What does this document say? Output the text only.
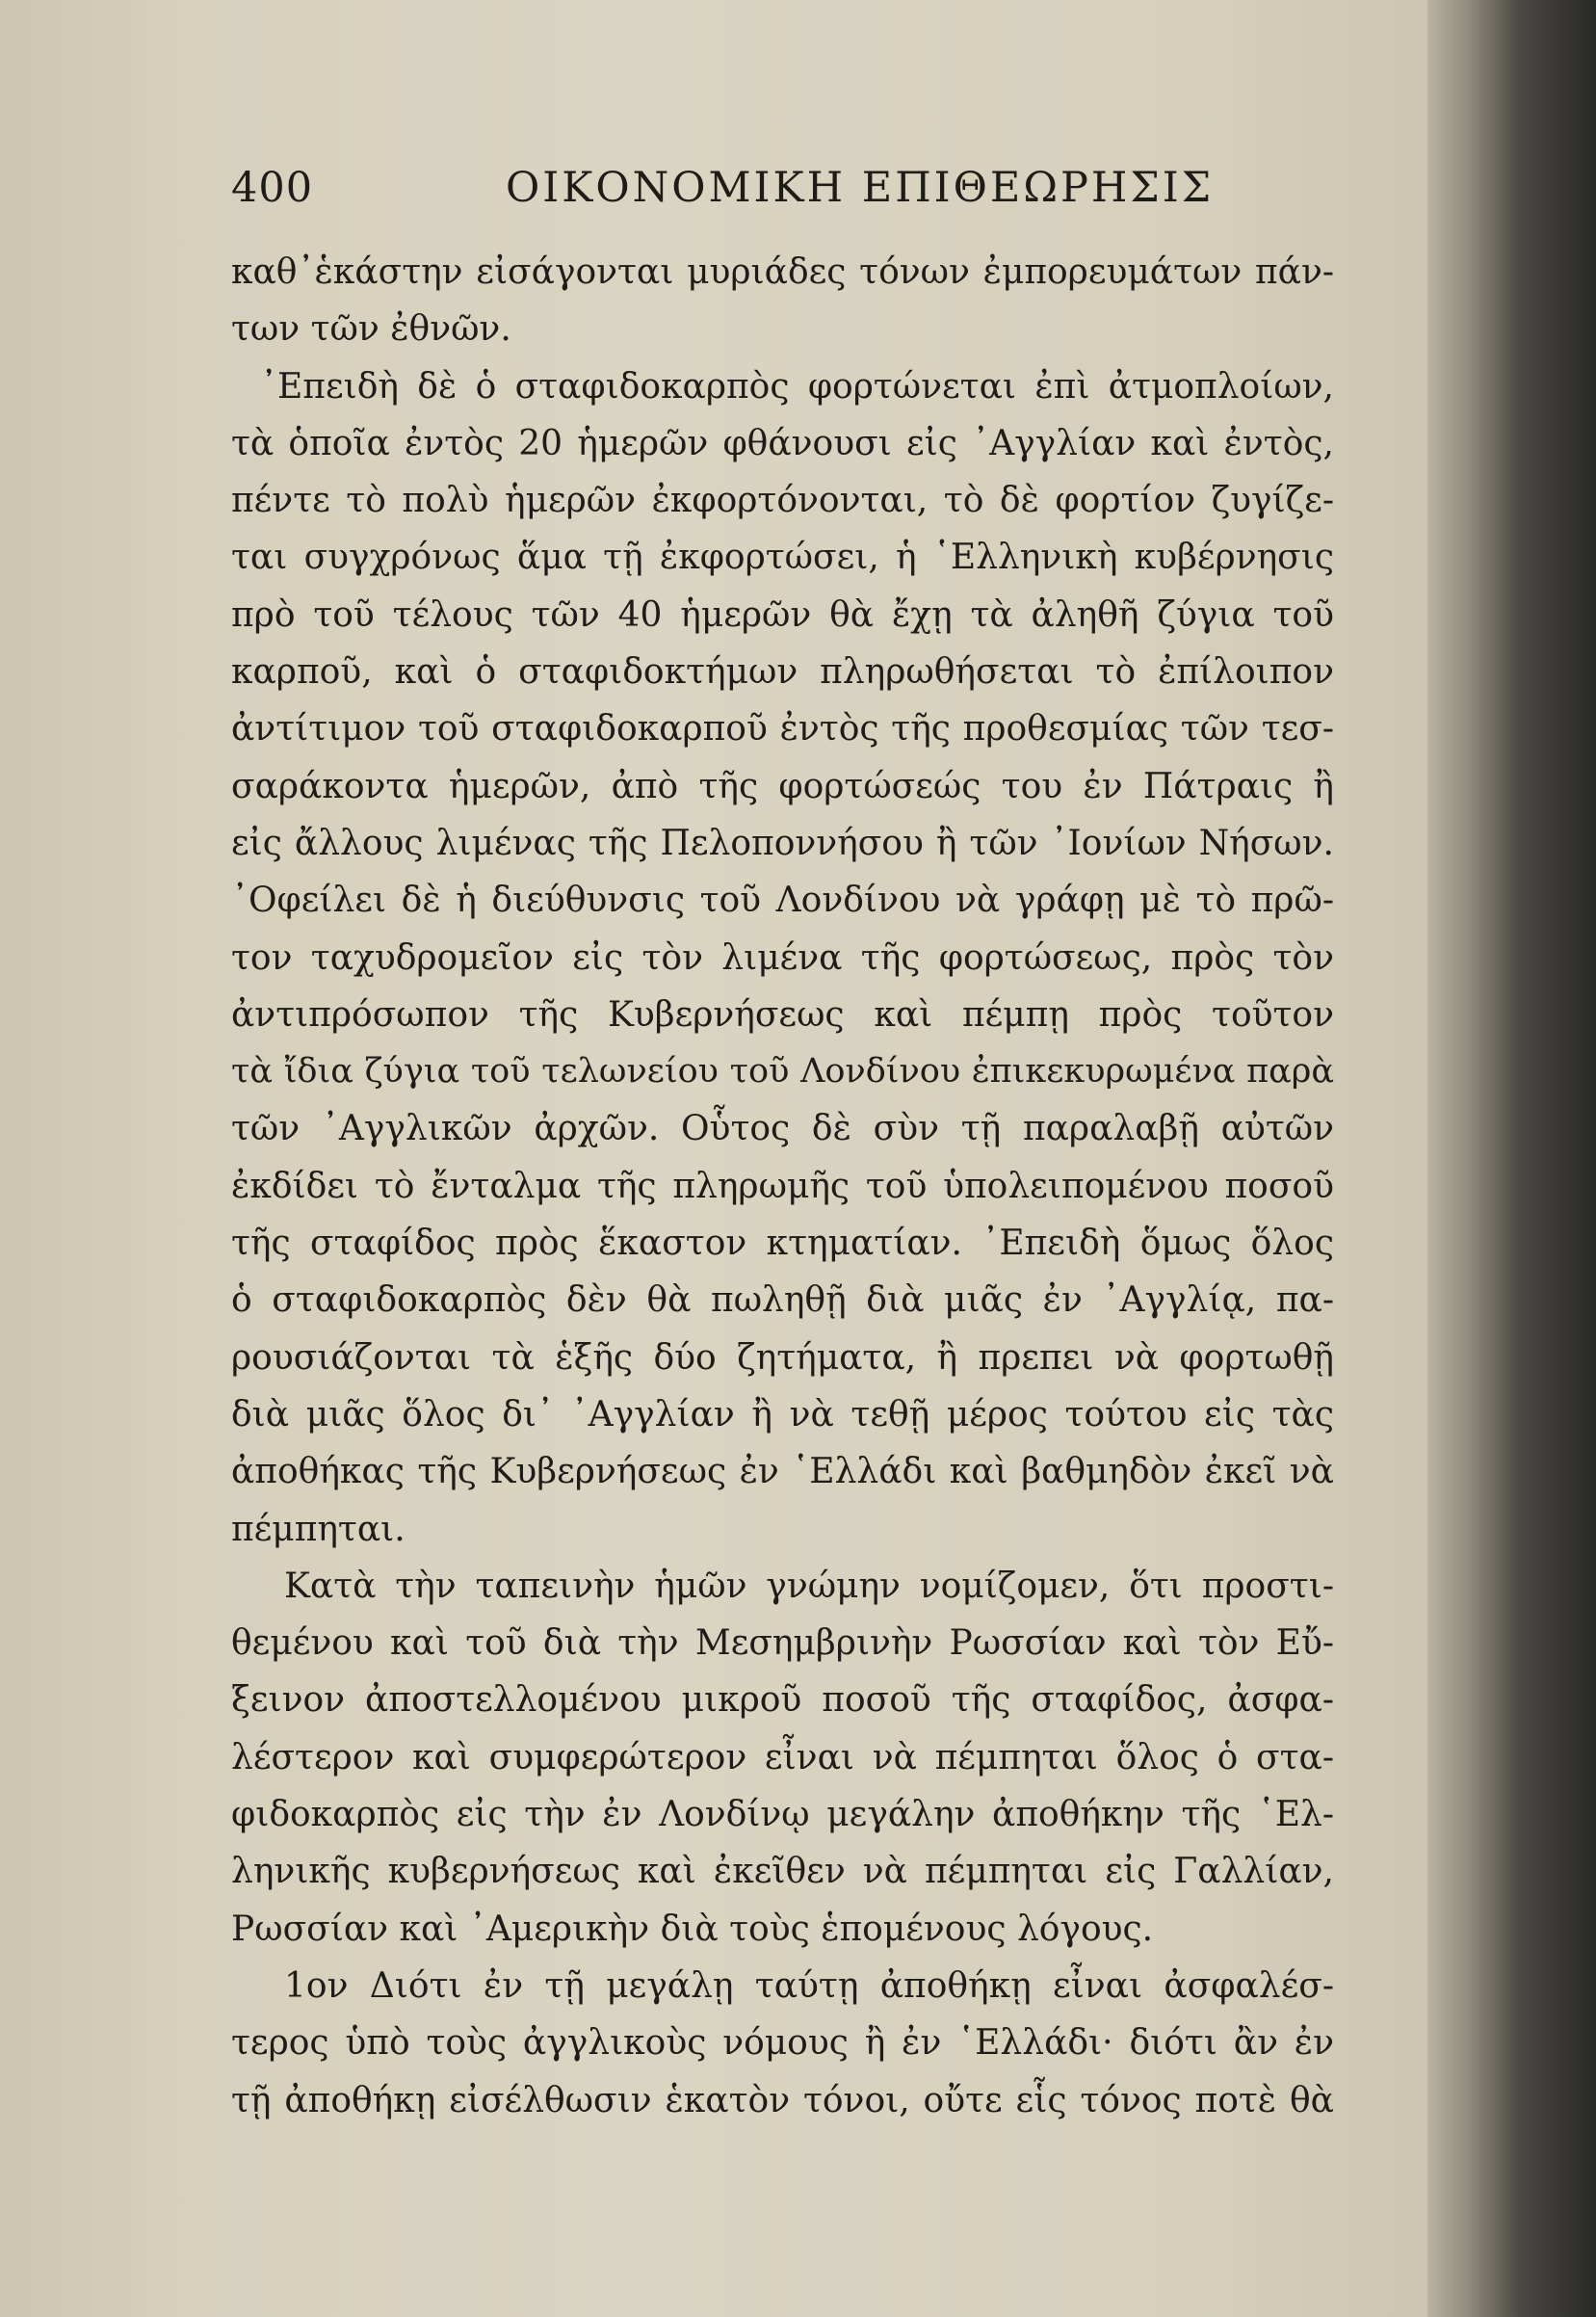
400	ΟΙΚΟΝΟΜΙΚΗ ΕΠΙΘΕΩΡΗΣΙΣ
καθ᾽ἑκάστην εἰσάγονται μυριάδες τόνων ἐμπορευμάτων πάν-
των τῶν ἐθνῶν.
᾽Επειδὴ δὲ ὁ σταφιδοκαρπὸς φορτώνεται ἐπὶ ἀτμοπλοίων,
τὰ ὁποῖα ἐντὸς 20 ἡμερῶν φθάνουσι εἰς ᾽Αγγλίαν καὶ ἐντὸς,
πέντε τὸ πολὺ ἡμερῶν ἐκφορτόνονται, τὸ δὲ φορτίον ζυγίζε-
ται συγχρόνως ἅμα τῇ ἐκφορτώσει, ἡ ῾Ελληνικὴ κυβέρνησις
πρὸ τοῦ τέλους τῶν 40 ἡμερῶν θὰ ἔχῃ τὰ ἀληθῆ ζύγια τοῦ
καρποῦ, καὶ ὁ σταφιδοκτήμων πληρωθήσεται τὸ ἐπίλοιπον
ἀντίτιμον τοῦ σταφιδοκαρποῦ ἐντὸς τῆς προθεσμίας τῶν τεσ-
σαράκοντα ἡμερῶν, ἀπὸ τῆς φορτώσεώς του ἐν Πάτραις ἢ
εἰς ἄλλους λιμένας τῆς Πελοποννήσου ἢ τῶν ᾽Ιονίων Νήσων.
᾽Οφείλει δὲ ἡ διεύθυνσις τοῦ Λονδίνου νὰ γράφῃ μὲ τὸ πρῶ-
τον ταχυδρομεῖον εἰς τὸν λιμένα τῆς φορτώσεως, πρὸς τὸν
ἀντιπρόσωπον τῆς Κυβερνήσεως καὶ πέμπῃ πρὸς τοῦτον
τὰ ἴδια ζύγια τοῦ τελωνείου τοῦ Λονδίνου ἐπικεκυρωμένα παρὰ
τῶν ᾽Αγγλικῶν ἀρχῶν. Οὗτος δὲ σὺν τῇ παραλαβῇ αὐτῶν
ἐκδίδει τὸ ἔνταλμα τῆς πληρωμῆς τοῦ ὑπολειπομένου ποσοῦ
τῆς σταφίδος πρὸς ἕκαστον κτηματίαν. ᾽Επειδὴ ὅμως ὅλος
ὁ σταφιδοκαρπὸς δὲν θὰ πωληθῇ διὰ μιᾶς ἐν ᾽Αγγλίᾳ, πα-
ρουσιάζονται τὰ ἑξῆς δύο ζητήματα, ἢ πρεπει νὰ φορτωθῇ
διὰ μιᾶς ὅλος δι᾽ ᾽Αγγλίαν ἢ νὰ τεθῇ μέρος τούτου εἰς τὰς
ἀποθήκας τῆς Κυβερνήσεως ἐν ῾Ελλάδι καὶ βαθμηδὸν ἐκεῖ νὰ
πέμπηται.
Κατὰ τὴν ταπεινὴν ἡμῶν γνώμην νομίζομεν, ὅτι προστι-
θεμένου καὶ τοῦ διὰ τὴν Μεσημβρινὴν Ρωσσίαν καὶ τὸν Εὔ-
ξεινον ἀποστελλομένου μικροῦ ποσοῦ τῆς σταφίδος, ἀσφα-
λέστερον καὶ συμφερώτερον εἶναι νὰ πέμπηται ὅλος ὁ στα-
φιδοκαρπὸς εἰς τὴν ἐν Λονδίνῳ μεγάλην ἀποθήκην τῆς ῾Ελ-
ληνικῆς κυβερνήσεως καὶ ἐκεῖθεν νὰ πέμπηται εἰς Γαλλίαν,
Ρωσσίαν καὶ ᾽Αμερικὴν διὰ τοὺς ἑπομένους λόγους.
1ον Διότι ἐν τῇ μεγάλῃ ταύτῃ ἀποθήκῃ εἶναι ἀσφαλέσ-
τερος ὑπὸ τοὺς ἀγγλικοὺς νόμους ἢ ἐν ῾Ελλάδι· διότι ἂν ἐν
τῇ ἀποθήκῃ εἰσέλθωσιν ἑκατὸν τόνοι, οὔτε εἷς τόνος ποτὲ θὰ
